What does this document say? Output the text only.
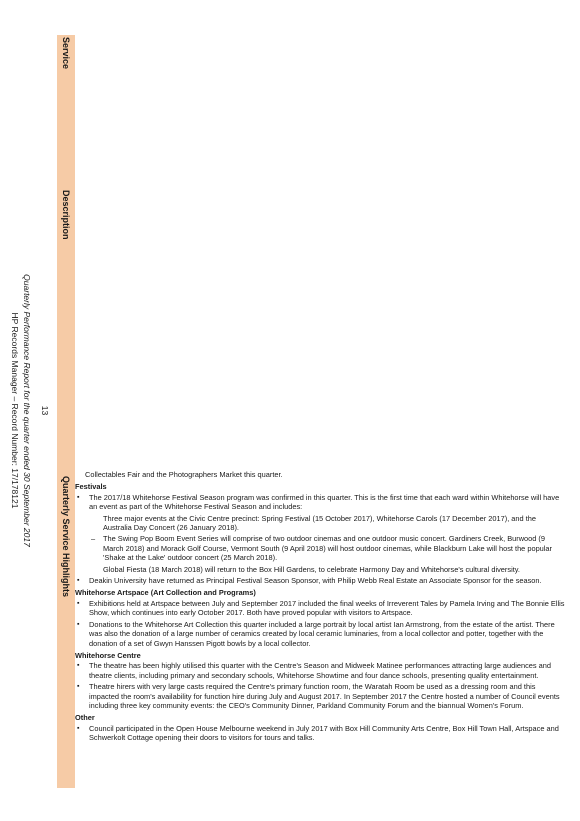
Service
Description
Quarterly Service Highlights
Collectables Fair and the Photographers Market this quarter.
Festivals
▪ The 2017/18 Whitehorse Festival Season program was confirmed in this quarter. This is the first time that each ward within Whitehorse will have an event as part of the Whitehorse Festival Season and includes:
Three major events at the Civic Centre precinct: Spring Festival (15 October 2017), Whitehorse Carols (17 December 2017), and the Australia Day Concert (26 January 2018).
– The Swing Pop Boom Event Series will comprise of two outdoor cinemas and one outdoor music concert. Gardiners Creek, Burwood (9 March 2018) and Morack Golf Course, Vermont South (9 April 2018) will host outdoor cinemas, while Blackburn Lake will host the popular 'Shake at the Lake' outdoor concert (25 March 2018).
Global Fiesta (18 March 2018) will return to the Box Hill Gardens, to celebrate Harmony Day and Whitehorse's cultural diversity.
▪ Deakin University have returned as Principal Festival Season Sponsor, with Philip Webb Real Estate an Associate Sponsor for the season.
Whitehorse Artspace (Art Collection and Programs)
▪ Exhibitions held at Artspace between July and September 2017 included the final weeks of Irreverent Tales by Pamela Irving and The Bonnie Ellis Show, which continues into early October 2017. Both have proved popular with visitors to Artspace.
▪ Donations to the Whitehorse Art Collection this quarter included a large portrait by local artist Ian Armstrong, from the estate of the artist. There was also the donation of a large number of ceramics created by local ceramic luminaries, from a local collector and potter, together with the donation of a set of Gwyn Hanssen Pigott bowls by a local collector.
Whitehorse Centre
▪ The theatre has been highly utilised this quarter with the Centre's Season and Midweek Matinee performances attracting large audiences and theatre clients, including primary and secondary schools, Whitehorse Showtime and four dance schools, presenting quality entertainment.
▪ Theatre hirers with very large casts required the Centre's primary function room, the Waratah Room be used as a dressing room and this impacted the room's availability for function hire during July and August 2017. In September 2017 the Centre hosted a number of Council events including three key community events: the CEO's Community Dinner, Parkland Community Forum and the biannual Women's Forum.
Other
▪ Council participated in the Open House Melbourne weekend in July 2017 with Box Hill Community Arts Centre, Box Hill Town Hall, Artspace and Schwerkolt Cottage opening their doors to visitors for tours and talks.
13
Quarterly Performance Report for the quarter ended 30 September 2017
HP Records Manager – Record Number: 17/178121
